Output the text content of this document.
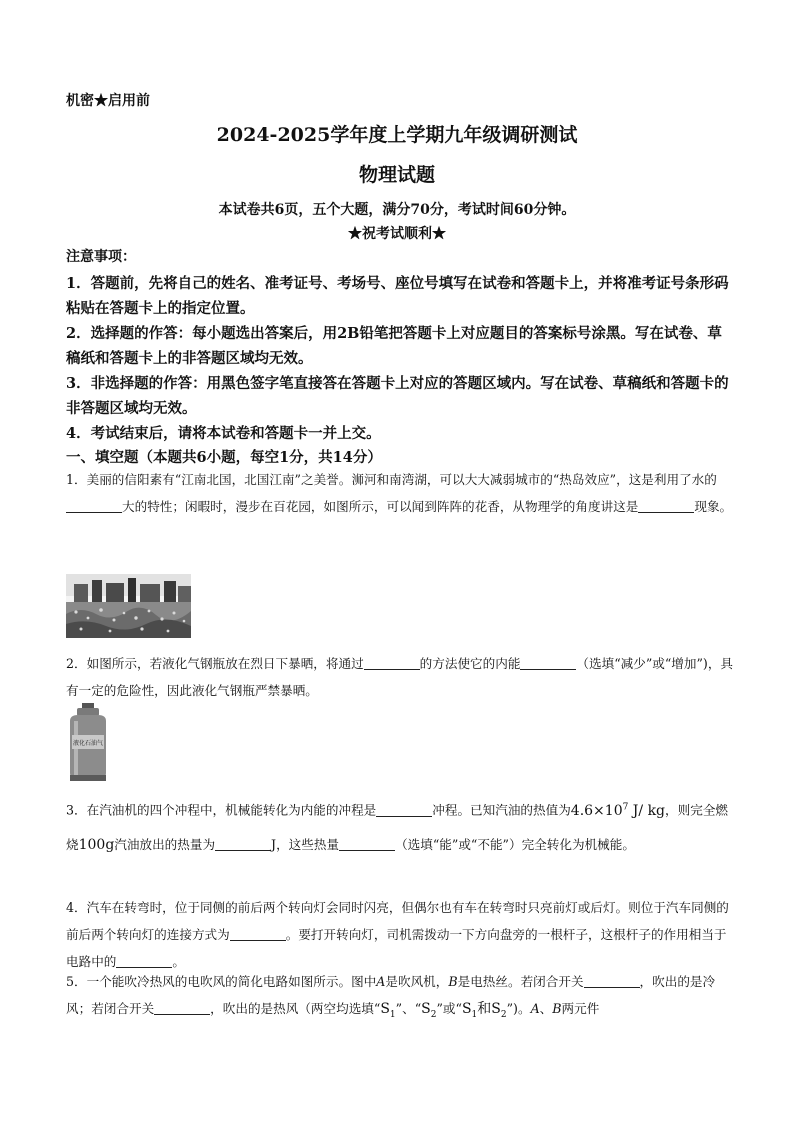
机密★启用前
2024-2025学年度上学期九年级调研测试
物理试题
本试卷共6页，五个大题，满分70分，考试时间60分钟。
★祝考试顺利★
注意事项：
1．答题前，先将自己的姓名、准考证号、考场号、座位号填写在试卷和答题卡上，并将准考证号条形码粘贴在答题卡上的指定位置。
2．选择题的作答：每小题选出答案后，用2B铅笔把答题卡上对应题目的答案标号涂黑。写在试卷、草稿纸和答题卡上的非答题区域均无效。
3．非选择题的作答：用黑色签字笔直接答在答题卡上对应的答题区域内。写在试卷、草稿纸和答题卡的非答题区域均无效。
4．考试结束后，请将本试卷和答题卡一并上交。
一、填空题（本题共6小题，每空1分，共14分）
1．美丽的信阳素有“江南北国，北国江南”之美誉。浉河和南湾湖，可以大大减弱城市的“热岛效应”，这是利用了水的大的特性；闲暇时，漫步在百花园，如图所示，可以闻到阵阵的花香，从物理学的角度讲这是	现象。
2．如图所示，若液化气钢瓶放在烈日下暴晒，将通过	的方法使它的内能	（选填“减少”或“增加”)，具有一定的危险性，因此液化气钢瓶严禁暴晒。
液化石油气
3．在汽油机的四个冲程中，机械能转化为内能的冲程是	冲程。已知汽油的热值为$4.6\times 10^7$ J/ kg，则完全燃烧100g汽油放出的热量为	J，这些热量	（选填“能”或“不能”）完全转化为机械能。
4．汽车在转弯时，位于同侧的前后两个转向灯会同时闪亮，但偶尔也有车在转弯时只亮前灯或后灯。则位于汽车同侧的前后两个转向灯的连接方式为	。要打开转向灯，司机需拨动一下方向盘旁的一根杆子，这根杆子的作用相当于电路中的	。
5．一个能吹冷热风的电吹风的简化电路如图所示。图中A是吹风机，B是电热丝。若闭合开关	，吹出的是冷风；若闭合开关	，吹出的是热风（两空均选填“$S_1$”、“$S_2$”或“$S_1$和$S_2$”)。A、B两元件
